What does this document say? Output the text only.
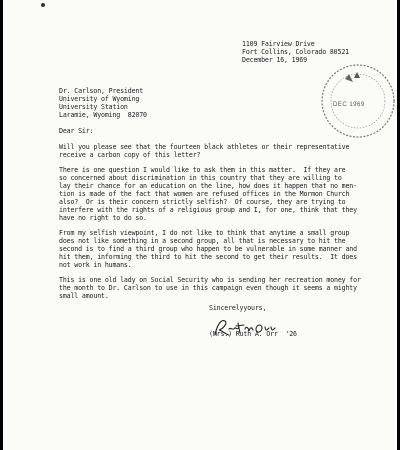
1109 Fairview Drive
Fort Collins, Colorado 80521
December 16, 1969
DEC 1969
Dr. Carlson, President
University of Wyoming
University Station
Laramie, Wyoming  82070
Dear Sir:
Will you please see that the fourteen black athletes or their representative
receive a carbon copy of this letter?
There is one question I would like to ask them in this matter.  If they are
so concerned about discrimination in this country that they are willing to
lay their chance for an education on the line, how does it happen that no men-
tion is made of the fact that women are refused offices in the Mormon Church
also?  Or is their concern strictly selfish?  Of course, they are trying to
interfere with the rights of a religious group and I, for one, think that they
have no right to do so.
From my selfish viewpoint, I do not like to think that anytime a small group
does not like something in a second group, all that is necessary to hit the
second is to find a third group who happen to be vulnerable in some manner and
hit them, informing the third to hit the second to get their results.  It does
not work in humans.
This is one old lady on Social Security who is sending her recreation money for
the month to Dr. Carlson to use in this campaign even though it seems a mighty
small amount.
Sincerelyyours,
(Mrs.) Ruth A. Orr  '26
